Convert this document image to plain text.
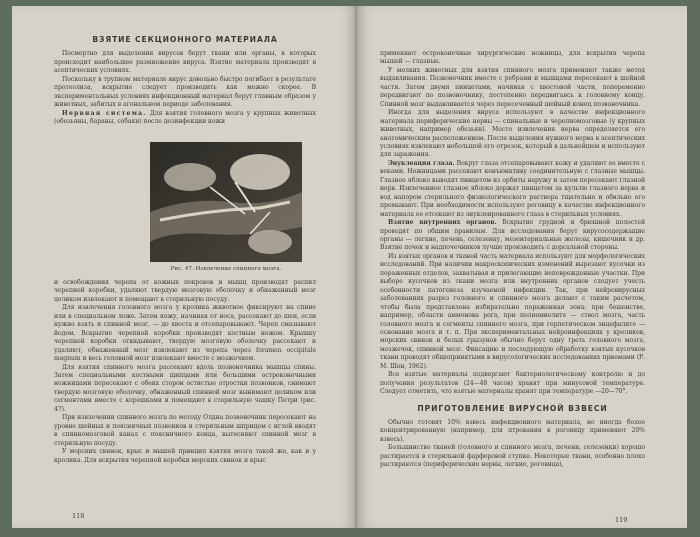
ВЗЯТИЕ СЕКЦИОННОГО МАТЕРИАЛА

Посмертно для выделения вирусов берут ткани или органы, в которых происходит наибольшее размножение вируса. Взятие материала производят в асептических условиях.

Поскольку в трупном материале вирус довольно быстро погибает в результате протеолиза, вскрытие следует производить как можно скорее. В экспериментальных условиях инфекционный материал берут главным образом у животных, забитых в агональном периоде заболевания.

Нервная система. Для взятия головного мозга у крупных животных (обезьяны, бараны, собаки) после дезинфекции кожи

Рис. 47. Извлечение спинного мозга.

и освобождения черепа от кожных покровов и мышц производят распил черепной коробки, удаляют твердую мозговую оболочку и обнаженный мозг целиком извлекают и помещают в стерильную посуду.

Для извлечения головного мозга у кролика животное фиксируют на спине или в специальном ложе. Затем кожу, начиная от носа, рассекают до шеи, если нужно взять и спинной мозг, — до хвоста и отсепаровывают. Череп смазывают йодом. Вскрытие черепной коробки производят костным ножом. Крышку черепной коробки откидывают, твердую мозговую оболочку рассекают и удаляют, обнаженный мозг извлекают из черепа через foramen occipitale magnum и весь головной мозг извлекают вместе с мозжечком.

Для взятия спинного мозга рассекают вдоль позвоночника мышцы спины. Затем специальными костными щипцами или большими остроконечными ножницами пересекают с обеих сторон остистые отростки позвонков, снимают твердую мозговую оболочку, обнаженный спинной мозг вынимают целиком или сегментами вместе с корешками и помещают в стерильную чашку Петри (рис. 47).

При извлечении спинного мозга по методу Олдна позвоночник пересекают на уровне шейных и поясничных позвонков и стерильным шприцем с иглой вводят в спинномозговой канал с поясничного конца, вытесняют спинной мозг в стерильную посуду.

У морских свинок, крыс и мышей принцип взятия мозга такой же, как и у кролика. Для вскрытия черепной коробки морских свинок и крыс

118

применяют остроконечные хирургические ножницы, для вскрытия черепа мышей — глазные.

У мелких животных для взятия спинного мозга применяют также метод выдавливания. Позвоночник вместе с ребрами и мышцами пересекают в шейной части. Затем двумя пинцетами, начиная с хвостовой части, попеременно передвигают по позвоночнику, постепенно передвигаясь к головному концу. Спинной мозг выдавливается через пересеченный шейный конец позвоночника.

Иногда для выделения вируса используют в качестве инфекционного материала периферические нервы — спинальные и черепномозговые (у крупных животных, например обезьян). Место извлечения нерва определяется его анатомическим расположением. После выделения нужного нерва в асептических условиях извлекают небольшой его отрезок, который в дальнейшем и используют для заражения.

Энуклеация глаза. Вокруг глаза отсепаровывают кожу и удаляют ее вместе с веками. Ножницами рассекают конъюнктиву соединительную с глазные мышцы. Глазное яблоко выводят пинцетом из орбиты наружу и затем пересекают глазной нерв. Извлеченное глазное яблоко держат пинцетом за культю глазного нерва и вод напором стерильного физиологического раствора тщательно и обильно его промывают. При необходимости используют роговицу в качестве инфекционного материала ее отсекают из энуклеированного глаза в стерильных условиях.

Взятие внутренних органов. Вскрытие грудной и брюшной полостей проводят по общим правилам. Для исследования берут вирусосодержащие органы — легкие, печень, селезенку, мезентериальные железы, кишечник и др. Взятие почек и надпочечников лучше производить с дорсальной стороны.

Из взятых органов и тканей часть материала используют для морфологических исследований. При наличии макроскопических изменений вырезают кусочки из пораженных отделов, захватывая и прилегающие неповрежденные участки. При выборе кусочков из ткани мозга или внутренних органов следует учесть особенности патогенеза изучаемой инфекции. Так, при нейровирусных заболеваниях разрез головного и спинного мозга делают с таким расчетом, чтобы была представлена избирательно пораженная зона: при бешенстве, например, области аммонова рога, при полиомиелите — ствол мозга, часть головного мозга и сегменты спинного мозга, при герпетическом энцефалите — основание мозга и т. п. При экспериментальных нейроинфекциях у кроликов, морских свинок и белых грызунов обычно берут одну треть головного мозга, мозжечок, спинной мозг. Фиксацию и последующую обработку взятых кусочков ткани проводят общепринятыми в вирусологических исследованиях приемами (Р. М. Шен, 1962).

Все взятые материалы подвергают бактериологическому контролю и до получения результатов (24—48 часов) хранят при минусовой температуре. Следует отметить, что взятые материалы хранят при температуре —20—70°.

ПРИГОТОВЛЕНИЕ ВИРУСНОЙ ВЗВЕСИ

Обычно готовят 10% взвесь инфекционного материала, но иногда более концентрированную (например, для птрования в роговицу применяют 20% взвесь).

Большинство тканей (головного и спинного мозга, печени, селезенки) хорошо растирается в стерильной фарфоровой ступке. Некоторые ткани, особенно плохо растираются (периферические нервы, легкие, роговица),

119
